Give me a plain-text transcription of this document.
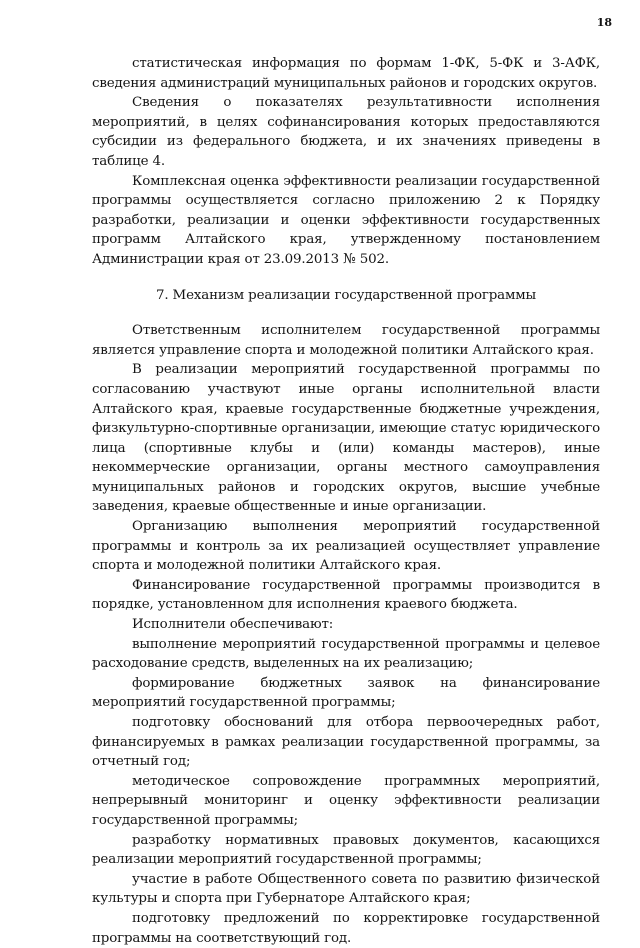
18

статистическая информация по формам 1-ФК, 5-ФК и 3-АФК, сведения администраций муниципальных районов и городских округов.

Сведения о показателях результативности исполнения мероприятий, в целях софинансирования которых предоставляются субсидии из федерального бюджета, и их значениях приведены в таблице 4.

Комплексная оценка эффективности реализации государственной программы осуществляется согласно приложению 2 к Порядку разработки, реализации и оценки эффективности государственных программ Алтайского края, утвержденному постановлением Администрации края от 23.09.2013 № 502.

7. Механизм реализации государственной программы

Ответственным исполнителем государственной программы является управление спорта и молодежной политики Алтайского края.

В реализации мероприятий государственной программы по согласованию участвуют иные органы исполнительной власти Алтайского края, краевые государственные бюджетные учреждения, физкультурно-спортивные организации, имеющие статус юридического лица (спортивные клубы и (или) команды мастеров), иные некоммерческие организации, органы местного самоуправления муниципальных районов и городских округов, высшие учебные заведения, краевые общественные и иные организации.

Организацию выполнения мероприятий государственной программы и контроль за их реализацией осуществляет управление спорта и молодежной политики Алтайского края.

Финансирование государственной программы производится в порядке, установленном для исполнения краевого бюджета.

Исполнители обеспечивают:

выполнение мероприятий государственной программы и целевое расходование средств, выделенных на их реализацию;

формирование бюджетных заявок на финансирование мероприятий государственной программы;

подготовку обоснований для отбора первоочередных работ, финансируемых в рамках реализации государственной программы, за отчетный год;

методическое сопровождение программных мероприятий, непрерывный мониторинг и оценку эффективности реализации государственной программы;

разработку нормативных правовых документов, касающихся реализации мероприятий государственной программы;

участие в работе Общественного совета по развитию физической культуры и спорта при Губернаторе Алтайского края;

подготовку предложений по корректировке государственной программы на соответствующий год.
